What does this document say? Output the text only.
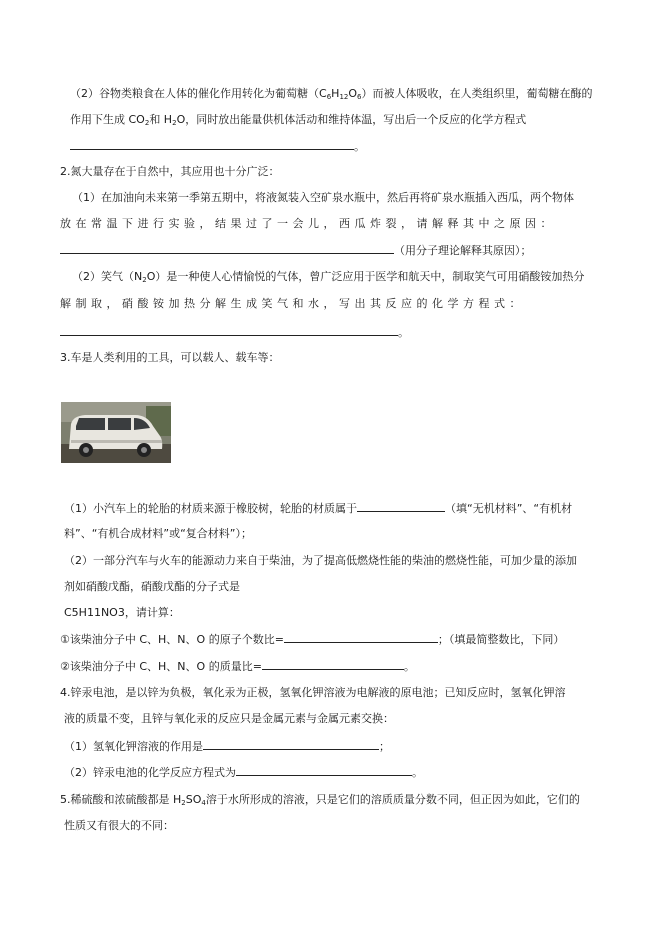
（2）谷物类粮食在人体的催化作用转化为葡萄糖$(C_6H_{12}O_6)$而被人体吸收，在人类组织里，葡萄糖在酶的
作用下生成 $CO_2$和 $H_2O$，同时放出能量供机体活动和维持体温，写出后一个反应的化学方程式
。
2.氮大量存在于自然中，其应用也十分广泛：
（1）在加油向未来第一季第五期中，将液氮装入空矿泉水瓶中，然后再将矿泉水瓶插入西瓜，两个物体
放在常温下进行实验，结果过了一会儿，西瓜炸裂，请解释其中之原因：
（用分子理论解释其原因）；
（2）笑气$(N_2O)$是一种使人心情愉悦的气体，曾广泛应用于医学和航天中，制取笑气可用硝酸铵加热分
解制取，硝酸铵加热分解生成笑气和水，写出其反应的化学方程式：
。
3.车是人类利用的工具，可以载人、载车等：
（1）小汽车上的轮胎的材质来源于橡胶树，轮胎的材质属于	（填“无机材料”、“有机材
料”、“有机合成材料”或“复合材料”）；
（2）一部分汽车与火车的能源动力来自于柴油，为了提高低燃烧性能的柴油的燃烧性能，可加少量的添加
剂如硝酸戊酯，硝酸戊酯的分子式是
C5H11NO3，请计算：
①该柴油分子中 C、H、N、O 的原子个数比=	；（填最简整数比，下同）
②该柴油分子中 C、H、N、O 的质量比=	。
4.锌汞电池，是以锌为负极，氧化汞为正极，氢氧化钾溶液为电解液的原电池；已知反应时，氢氧化钾溶
液的质量不变，且锌与氧化汞的反应只是金属元素与金属元素交换：
（1）氢氧化钾溶液的作用是	；
（2）锌汞电池的化学反应方程式为	。
5.稀硫酸和浓硫酸都是 $H_2SO_4$溶于水所形成的溶液，只是它们的溶质质量分数不同，但正因为如此，它们的
性质又有很大的不同：
